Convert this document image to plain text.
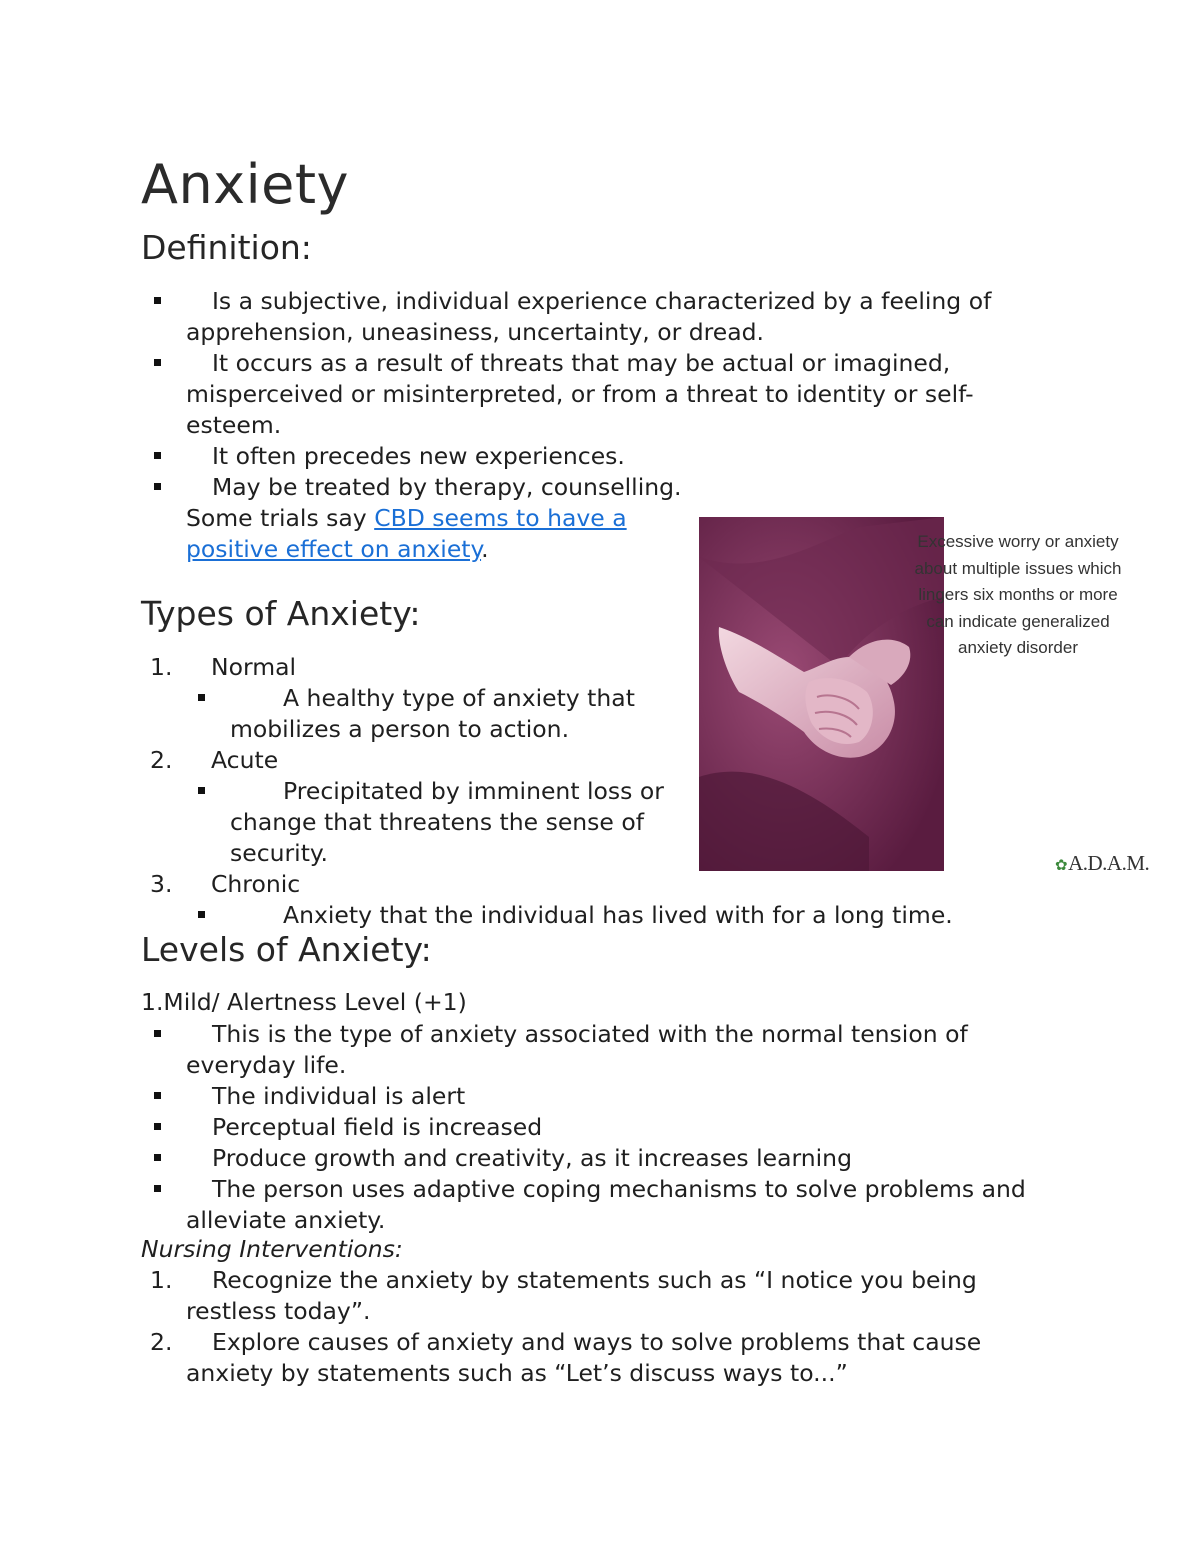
Anxiety
Definition:
Is a subjective, individual experience characterized by a feeling of apprehension, uneasiness, uncertainty, or dread.
It occurs as a result of threats that may be actual or imagined, misperceived or misinterpreted, or from a threat to identity or self-esteem.
It often precedes new experiences.
May be treated by therapy, counselling. Some trials say CBD seems to have a positive effect on anxiety.
Types of Anxiety:
1. Normal
A healthy type of anxiety that mobilizes a person to action.
2. Acute
Precipitated by imminent loss or change that threatens the sense of security.
3. Chronic
Anxiety that the individual has lived with for a long time.

Excessive worry or anxiety
about multiple issues which
lingers six months or more
can indicate generalized
anxiety disorder

✿A.D.A.M.
Levels of Anxiety:
1.Mild/ Alertness Level (+1)
This is the type of anxiety associated with the normal tension of everyday life.
The individual is alert
Perceptual field is increased
Produce growth and creativity, as it increases learning
The person uses adaptive coping mechanisms to solve problems and alleviate anxiety.
Nursing Interventions:
1.	Recognize the anxiety by statements such as “I notice you being restless today”.
2.	Explore causes of anxiety and ways to solve problems that cause anxiety by statements such as “Let’s discuss ways to...”
